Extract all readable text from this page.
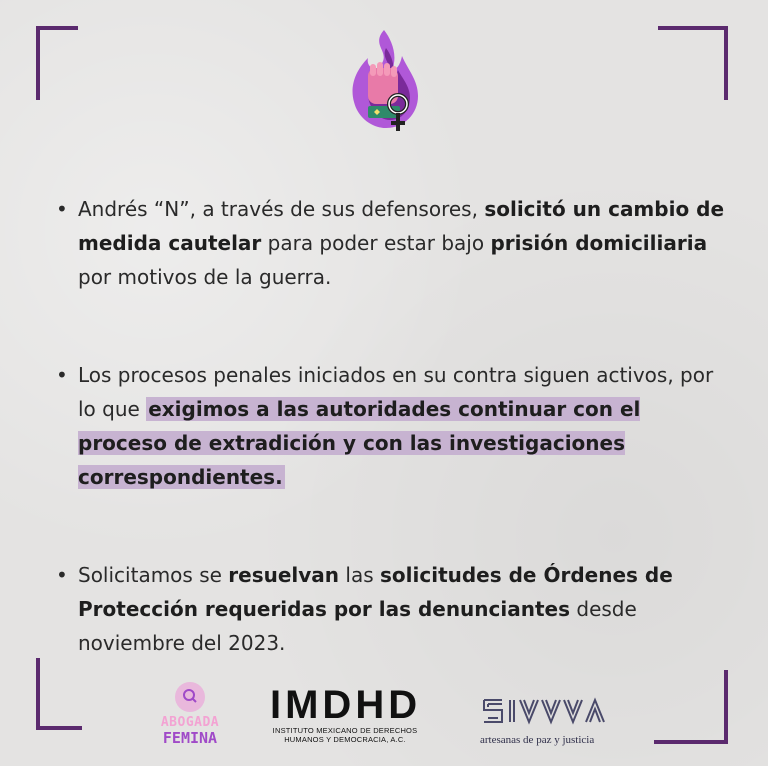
• Andrés “N”, a través de sus defensores, solicitó un cambio de medida cautelar para poder estar bajo prisión domiciliaria por motivos de la guerra.
• Los procesos penales iniciados en su contra siguen activos, por lo que exigimos a las autoridades continuar con el proceso de extradición y con las investigaciones correspondientes.
• Solicitamos se resuelvan las solicitudes de Órdenes de Protección requeridas por las denunciantes desde noviembre del 2023.
ABOGADA
FEMINA
IMDHD
INSTITUTO MEXICANO DE DERECHOS
HUMANOS Y DEMOCRACIA, A.C.	artesanas de paz y justicia
